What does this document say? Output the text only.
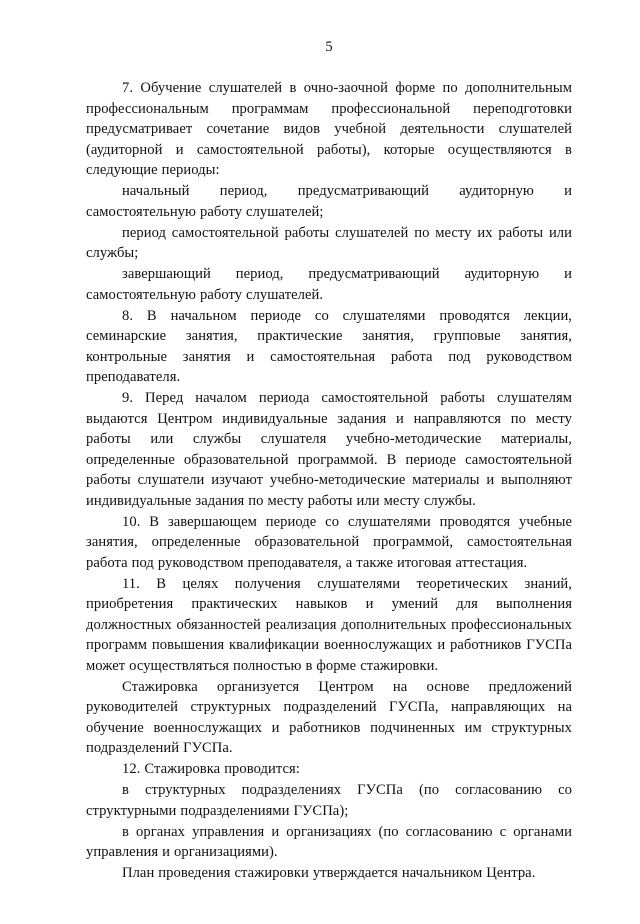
5

7. Обучение слушателей в очно-заочной форме по дополнительным профессиональным программам профессиональной переподготовки предусматривает сочетание видов учебной деятельности слушателей (аудиторной и самостоятельной работы), которые осуществляются в следующие периоды:

начальный период, предусматривающий аудиторную и самостоятельную работу слушателей;

период самостоятельной работы слушателей по месту их работы или службы;

завершающий период, предусматривающий аудиторную и самостоятельную работу слушателей.

8. В начальном периоде со слушателями проводятся лекции, семинарские занятия, практические занятия, групповые занятия, контрольные занятия и самостоятельная работа под руководством преподавателя.

9. Перед началом периода самостоятельной работы слушателям выдаются Центром индивидуальные задания и направляются по месту работы или службы слушателя учебно-методические материалы, определенные образовательной программой. В периоде самостоятельной работы слушатели изучают учебно-методические материалы и выполняют индивидуальные задания по месту работы или месту службы.

10. В завершающем периоде со слушателями проводятся учебные занятия, определенные образовательной программой, самостоятельная работа под руководством преподавателя, а также итоговая аттестация.

11. В целях получения слушателями теоретических знаний, приобретения практических навыков и умений для выполнения должностных обязанностей реализация дополнительных профессиональных программ повышения квалификации военнослужащих и работников ГУСПа может осуществляться полностью в форме стажировки.

Стажировка организуется Центром на основе предложений руководителей структурных подразделений ГУСПа, направляющих на обучение военнослужащих и работников подчиненных им структурных подразделений ГУСПа.

12. Стажировка проводится:

в структурных подразделениях ГУСПа (по согласованию со структурными подразделениями ГУСПа);

в органах управления и организациях (по согласованию с органами управления и организациями).

План проведения стажировки утверждается начальником Центра.
